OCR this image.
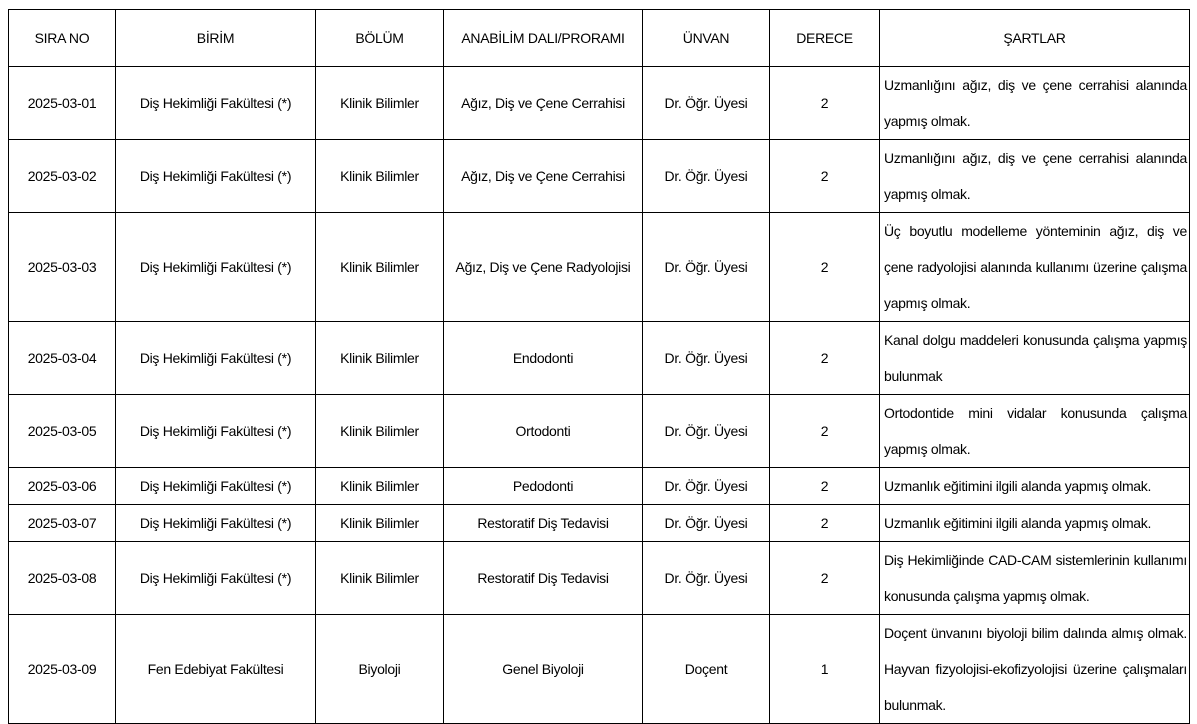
SIRA NO	BİRİM	BÖLÜM	ANABİLİM DALI/PRORAMI	ÜNVAN	DERECE	ŞARTLAR
2025-03-01	Diş Hekimliği Fakültesi (*)	Klinik Bilimler	Ağız, Diş ve Çene Cerrahisi	Dr. Öğr. Üyesi	2	Uzmanlığını ağız, diş ve çene cerrahisi alanında yapmış olmak.
2025-03-02	Diş Hekimliği Fakültesi (*)	Klinik Bilimler	Ağız, Diş ve Çene Cerrahisi	Dr. Öğr. Üyesi	2	Uzmanlığını ağız, diş ve çene cerrahisi alanında yapmış olmak.
2025-03-03	Diş Hekimliği Fakültesi (*)	Klinik Bilimler	Ağız, Diş ve Çene Radyolojisi	Dr. Öğr. Üyesi	2	Üç boyutlu modelleme yönteminin ağız, diş ve çene radyolojisi alanında kullanımı üzerine çalışma yapmış olmak.
2025-03-04	Diş Hekimliği Fakültesi (*)	Klinik Bilimler	Endodonti	Dr. Öğr. Üyesi	2	Kanal dolgu maddeleri konusunda çalışma yapmış bulunmak
2025-03-05	Diş Hekimliği Fakültesi (*)	Klinik Bilimler	Ortodonti	Dr. Öğr. Üyesi	2	Ortodontide mini vidalar konusunda çalışma yapmış olmak.
2025-03-06	Diş Hekimliği Fakültesi (*)	Klinik Bilimler	Pedodonti	Dr. Öğr. Üyesi	2	Uzmanlık eğitimini ilgili alanda yapmış olmak.
2025-03-07	Diş Hekimliği Fakültesi (*)	Klinik Bilimler	Restoratif Diş Tedavisi	Dr. Öğr. Üyesi	2	Uzmanlık eğitimini ilgili alanda yapmış olmak.
2025-03-08	Diş Hekimliği Fakültesi (*)	Klinik Bilimler	Restoratif Diş Tedavisi	Dr. Öğr. Üyesi	2	Diş Hekimliğinde CAD-CAM sistemlerinin kullanımı konusunda çalışma yapmış olmak.
2025-03-09	Fen Edebiyat Fakültesi	Biyoloji	Genel Biyoloji	Doçent	1	Doçent ünvanını biyoloji bilim dalında almış olmak. Hayvan fizyolojisi-ekofizyolojisi üzerine çalışmaları bulunmak.
